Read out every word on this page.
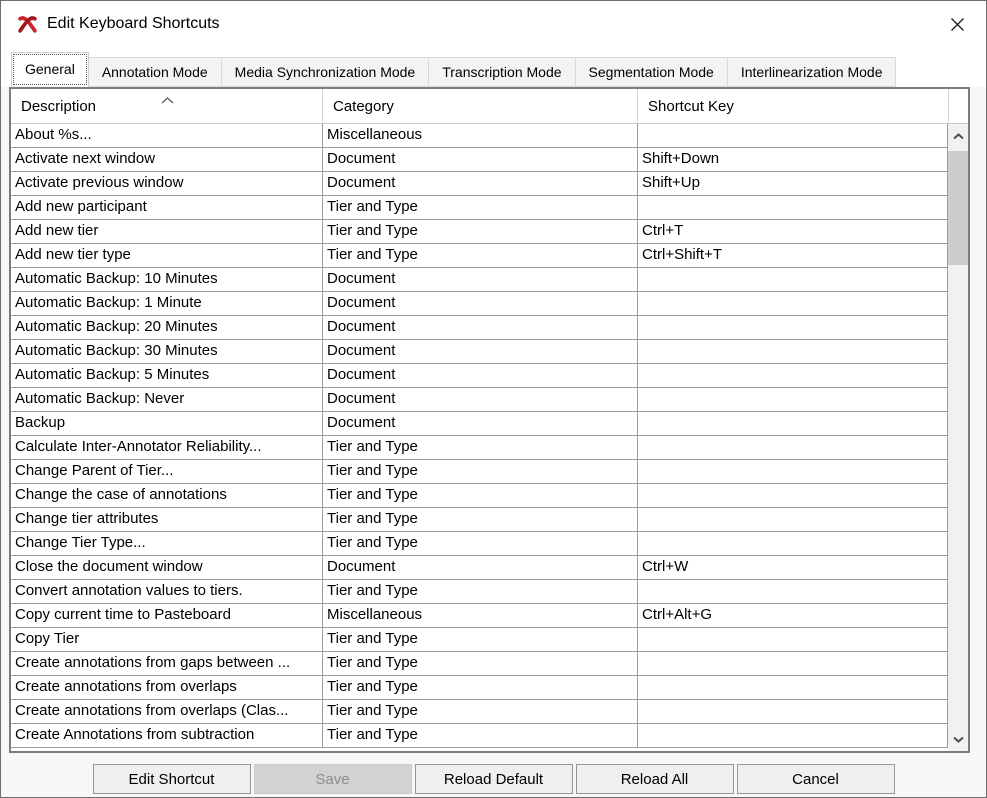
Edit Keyboard Shortcuts
General	Annotation Mode	Media Synchronization Mode	Transcription Mode	Segmentation Mode	Interlinearization Mode
Description	Category	Shortcut Key
About %s...	Miscellaneous
Activate next window	Document	Shift+Down
Activate previous window	Document	Shift+Up
Add new participant	Tier and Type
Add new tier	Tier and Type	Ctrl+T
Add new tier type	Tier and Type	Ctrl+Shift+T
Automatic Backup: 10 Minutes	Document
Automatic Backup: 1 Minute	Document
Automatic Backup: 20 Minutes	Document
Automatic Backup: 30 Minutes	Document
Automatic Backup: 5 Minutes	Document
Automatic Backup: Never	Document
Backup	Document
Calculate Inter-Annotator Reliability...	Tier and Type
Change Parent of Tier...	Tier and Type
Change the case of annotations	Tier and Type
Change tier attributes	Tier and Type
Change Tier Type...	Tier and Type
Close the document window	Document	Ctrl+W
Convert annotation values to tiers.	Tier and Type
Copy current time to Pasteboard	Miscellaneous	Ctrl+Alt+G
Copy Tier	Tier and Type
Create annotations from gaps between ...	Tier and Type
Create annotations from overlaps	Tier and Type
Create annotations from overlaps (Clas...	Tier and Type
Create Annotations from subtraction	Tier and Type
Edit Shortcut	Save	Reload Default	Reload All	Cancel
